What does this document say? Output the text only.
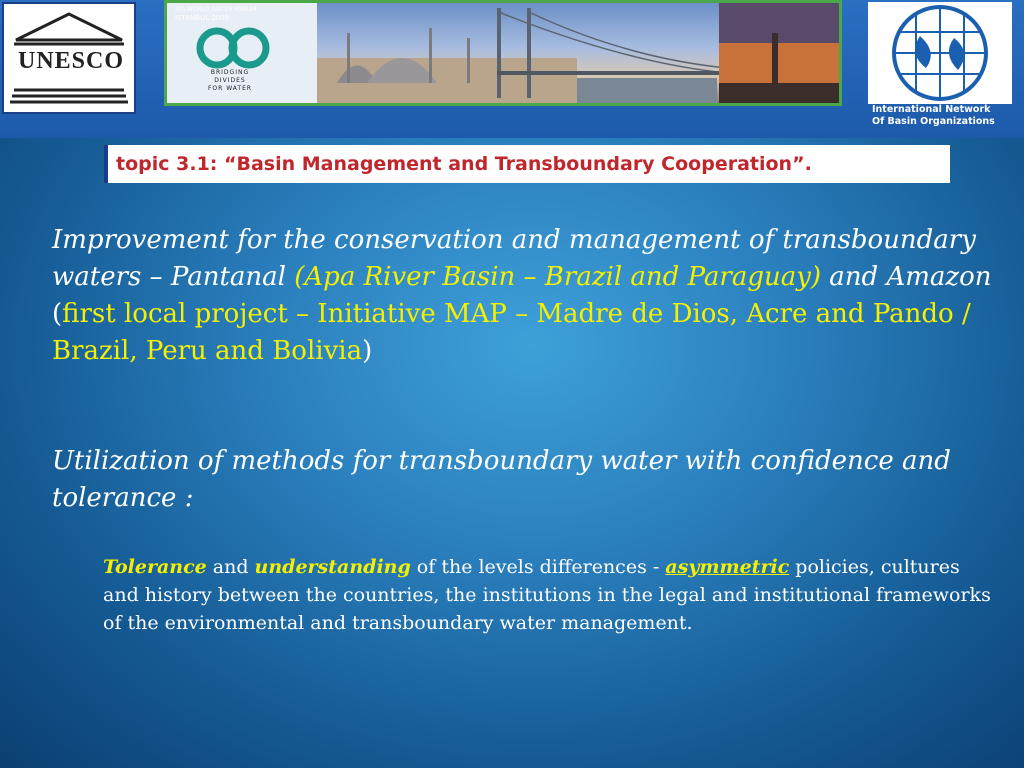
UNESCO
5th WORLD WATER FORUM
ISTANBUL 2009
BRIDGING
DIVIDES
FOR WATER
International Network
Of Basin Organizations
topic 3.1: “Basin Management and Transboundary Cooperation”.
Improvement for the conservation and management of transboundary waters – Pantanal (Apa River Basin – Brazil and Paraguay) and Amazon (first local project – Initiative MAP – Madre de Dios, Acre and Pando / Brazil, Peru and Bolivia)
Utilization of methods for transboundary water with confidence and tolerance :
Tolerance and understanding of the levels differences - asymmetric policies, cultures and history between the countries, the institutions in the legal and institutional frameworks of the environmental and transboundary water management.
